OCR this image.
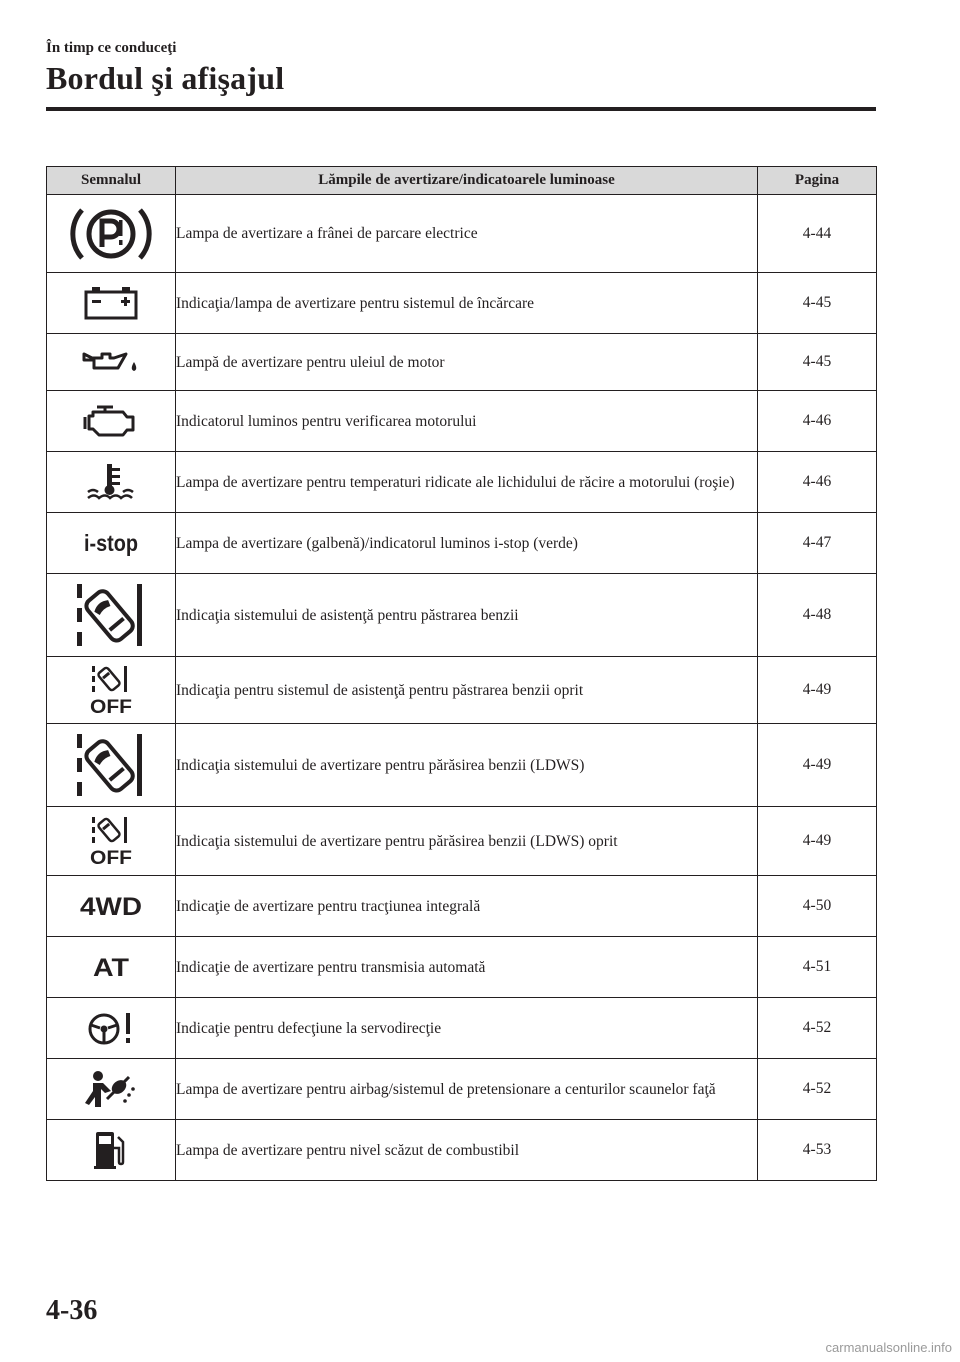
În timp ce conduceţi
Bordul şi afişajul
Semnalul	Lămpile de avertizare/indicatoarele luminoase	Pagina

	Lampa de avertizare a frânei de parcare electrice	4-44

	Indicaţia/lampa de avertizare pentru sistemul de încărcare	4-45

	Lampă de avertizare pentru uleiul de motor	4-45

	Indicatorul luminos pentru verificarea motorului	4-46

	Lampa de avertizare pentru temperaturi ridicate ale lichidului de răcire a motorului (roşie)	4-46

i-stop	Lampa de avertizare (galbenă)/indicatorul luminos i-stop (verde)	4-47

	Indicaţia sistemului de asistenţă pentru păstrarea benzii	4-48

OFF	Indicaţia pentru sistemul de asistenţă pentru păstrarea benzii oprit	4-49

	Indicaţia sistemului de avertizare pentru părăsirea benzii (LDWS)	4-49

OFF	Indicaţia sistemului de avertizare pentru părăsirea benzii (LDWS) oprit	4-49

4WD	Indicaţie de avertizare pentru tracţiunea integrală	4-50

AT	Indicaţie de avertizare pentru transmisia automată	4-51

	Indicaţie pentru defecţiune la servodirecţie	4-52

	Lampa de avertizare pentru airbag/sistemul de pretensionare a centurilor scaunelor faţă	4-52

	Lampa de avertizare pentru nivel scăzut de combustibil	4-53
4-36
carmanualsonline.info
